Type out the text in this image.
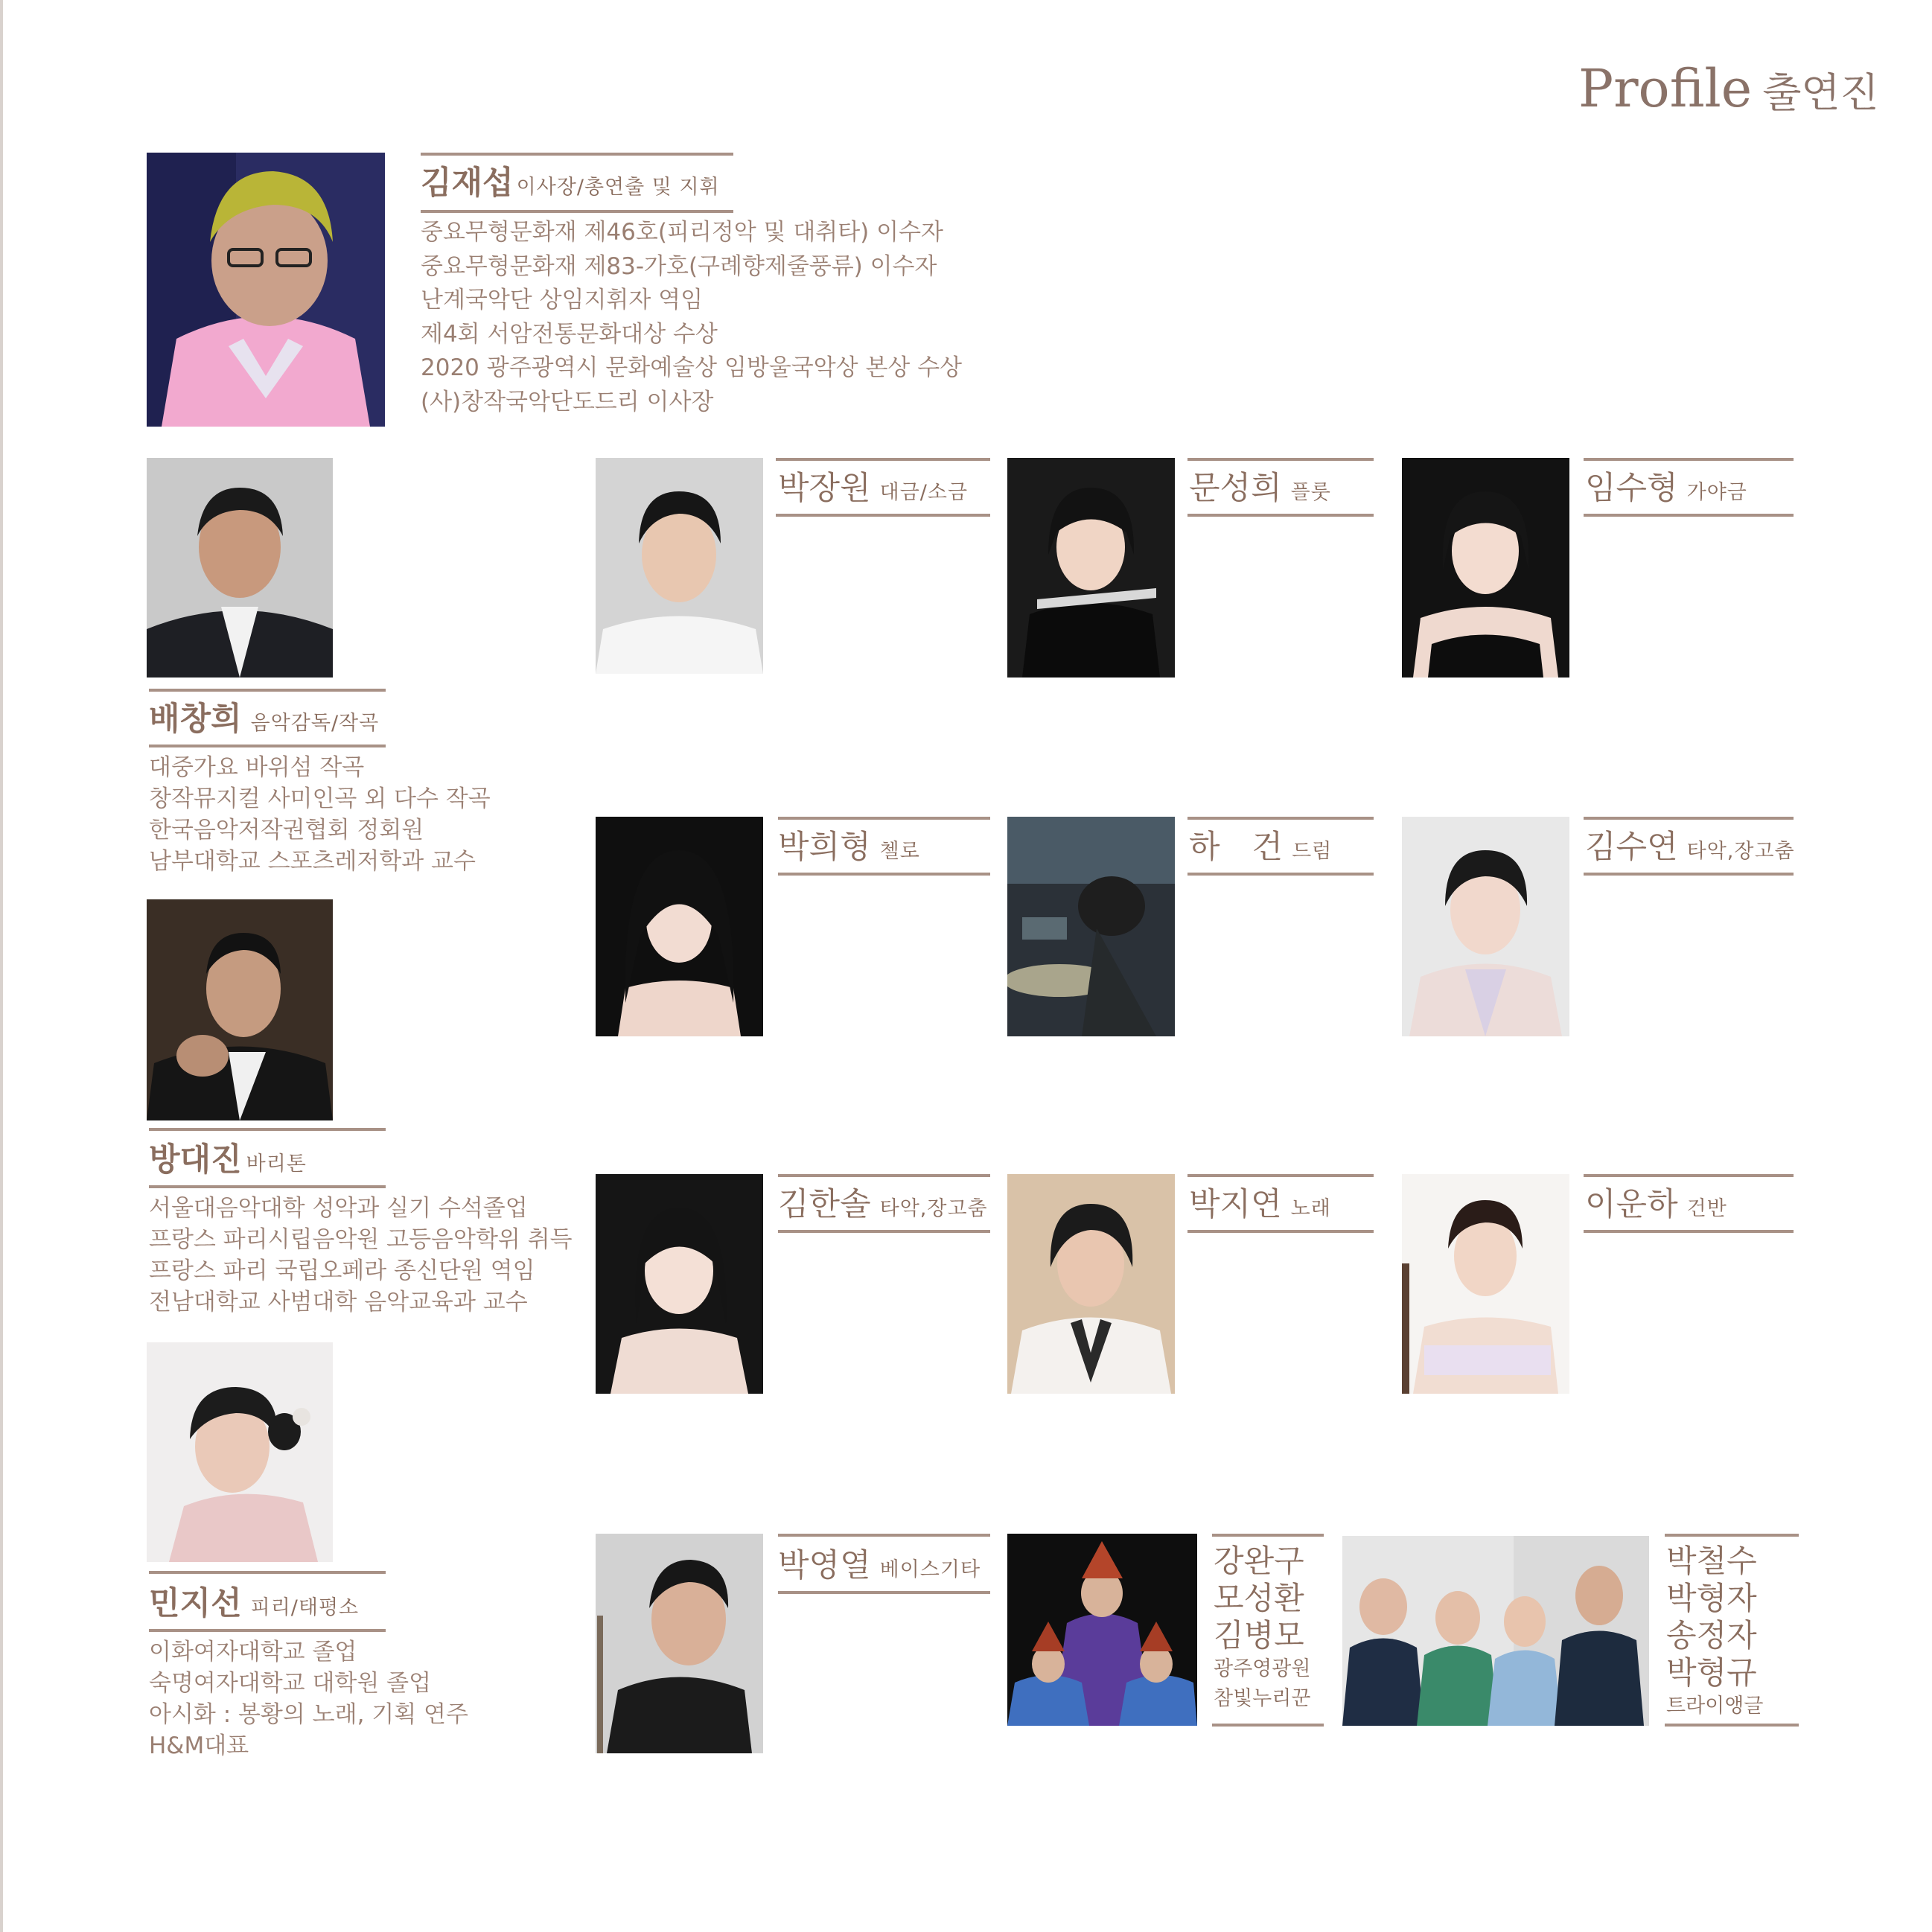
Profile 출연진
김재섭 이사장/총연출 및 지휘
중요무형문화재 제46호(피리정악 및 대취타) 이수자
중요무형문화재 제83-가호(구례향제줄풍류) 이수자
난계국악단 상임지휘자 역임
제4회 서암전통문화대상 수상
2020 광주광역시 문화예술상 임방울국악상 본상 수상
(사)창작국악단도드리 이사장
배창희 음악감독/작곡
대중가요 바위섬 작곡
창작뮤지컬 사미인곡 외 다수 작곡
한국음악저작권협회 정회원
남부대학교 스포츠레저학과 교수
방대진 바리톤
서울대음악대학 성악과 실기 수석졸업
프랑스 파리시립음악원 고등음악학위 취득
프랑스 파리 국립오페라 종신단원 역임
전남대학교 사범대학 음악교육과 교수
민지선 피리/태평소
이화여자대학교 졸업
숙명여자대학교 대학원 졸업
아시화 : 봉황의 노래, 기획 연주
H&M대표
박장원 대금/소금	문성희 플룻	임수형 가야금
박희형 첼로	하　건 드럼	김수연 타악,장고춤
김한솔 타악,장고춤	박지연 노래	이운하 건반
박영열 베이스기타	강완구
모성환
김병모
광주영광원
참빛누리꾼
박철수
박형자
송정자
박형규
트라이앵글
